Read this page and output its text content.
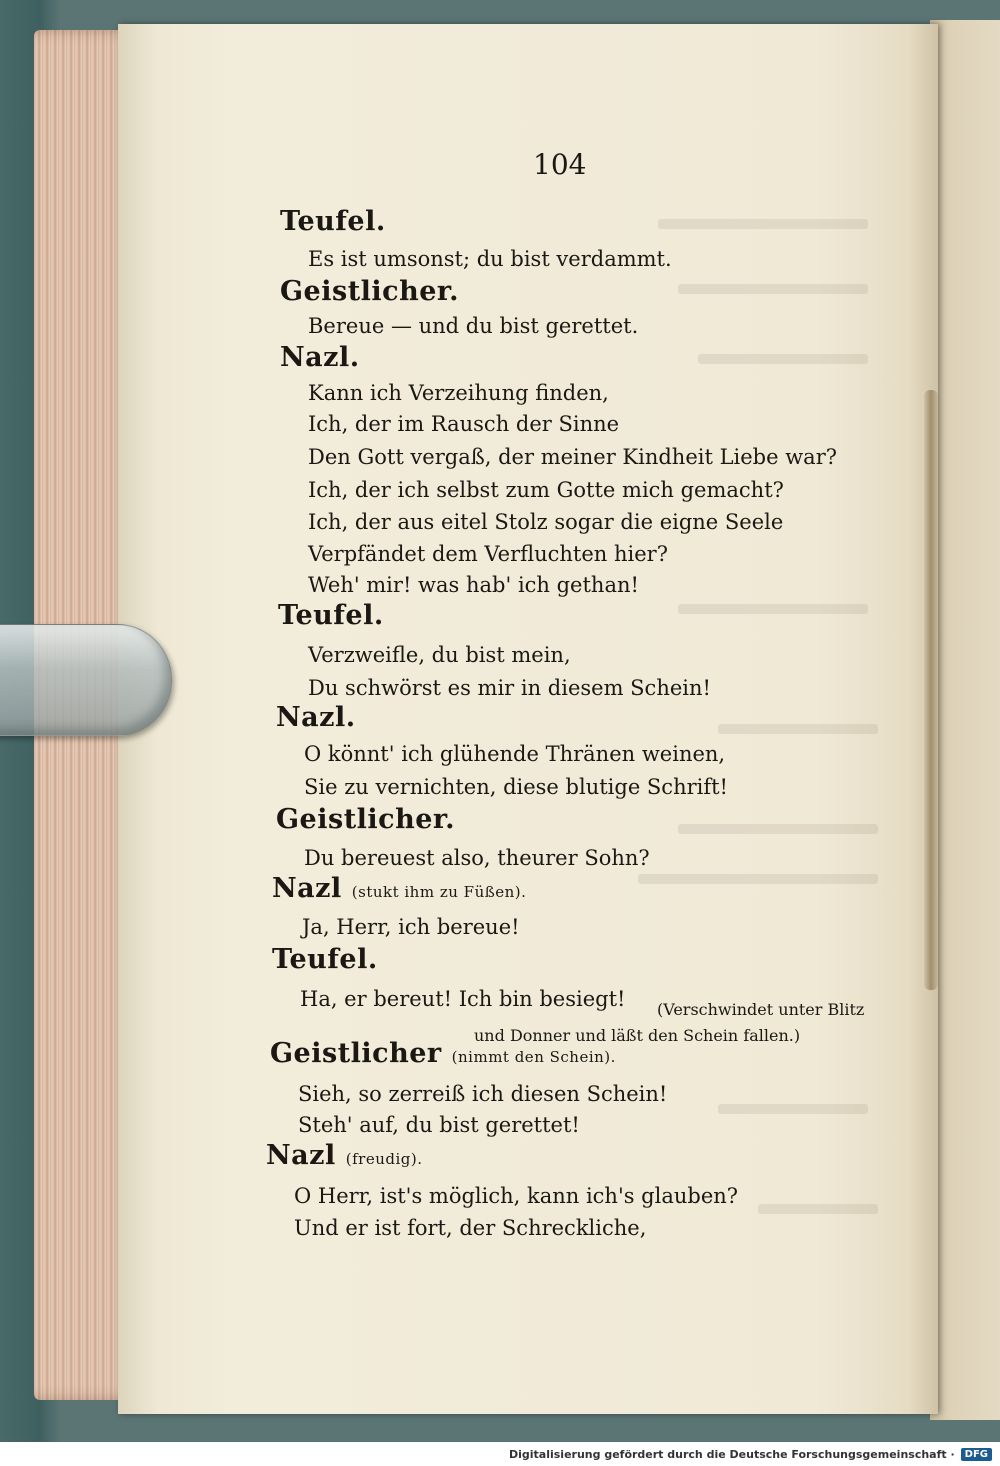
104
Teufel.
Es ist umsonst; du bist verdammt.
Geistlicher.
Bereue — und du bist gerettet.
Nazl.
Kann ich Verzeihung finden,
Ich, der im Rausch der Sinne
Den Gott vergaß, der meiner Kindheit Liebe war?
Ich, der ich selbst zum Gotte mich gemacht?
Ich, der aus eitel Stolz sogar die eigne Seele
Verpfändet dem Verfluchten hier?
Weh' mir! was hab' ich gethan!
Teufel.
Verzweifle, du bist mein,
Du schwörst es mir in diesem Schein!
Nazl.
O könnt' ich glühende Thränen weinen,
Sie zu vernichten, diese blutige Schrift!
Geistlicher.
Du bereuest also, theurer Sohn?
Nazl (stukt ihm zu Füßen).
Ja, Herr, ich bereue!
Teufel.
Ha, er bereut! Ich bin besiegt! (Verschwindet unter Blitz
und Donner und läßt den Schein fallen.)
Geistlicher (nimmt den Schein).
Sieh, so zerreiß ich diesen Schein!
Steh' auf, du bist gerettet!
Nazl (freudig).
O Herr, ist's möglich, kann ich's glauben?
Und er ist fort, der Schreckliche,
Digitalisierung gefördert durch die Deutsche Forschungsgemeinschaft ·	DFG
